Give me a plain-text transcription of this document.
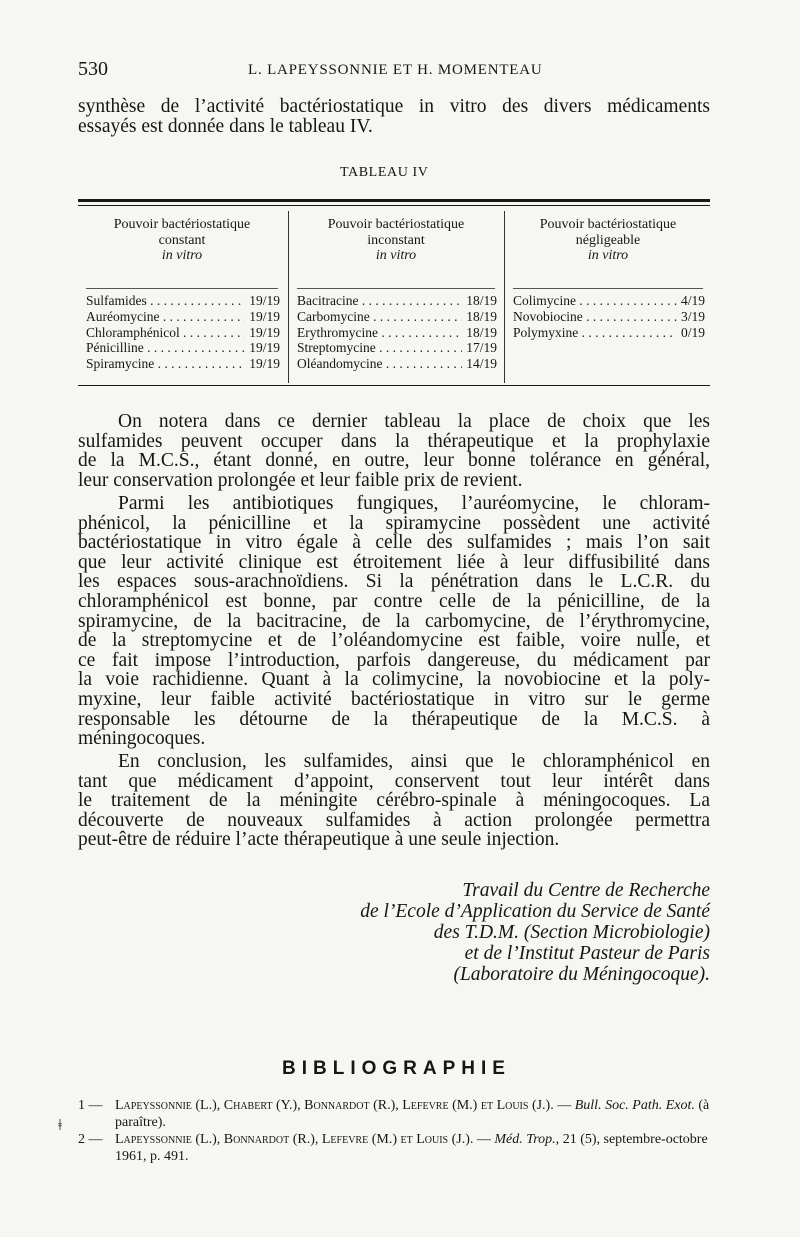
530	L. LAPEYSSONNIE ET H. MOMENTEAU
synthèse de l’activité bactériostatique in vitro des divers médicaments
essayés est donnée dans le tableau IV.
TABLEAU IV
Pouvoir bactériostatique
constant
in vitro
Sulfamides . . .	19/19
Auréomycine . . .	19/19
Chloramphénicol . . .	19/19
Pénicilline . . .	19/19
Spiramycine . . .	19/19
Pouvoir bactériostatique
inconstant
in vitro
Bacitracine . . .	18/19
Carbomycine . . .	18/19
Erythromycine . . .	18/19
Streptomycine . . .	17/19
Oléandomycine . . .	14/19
Pouvoir bactériostatique
négligeable
in vitro
Colimycine . . .	4/19
Novobiocine . . .	3/19
Polymyxine . . .	0/19
On notera dans ce dernier tableau la place de choix que les
sulfamides peuvent occuper dans la thérapeutique et la prophylaxie
de la M.C.S., étant donné, en outre, leur bonne tolérance en général,
leur conservation prolongée et leur faible prix de revient.
Parmi les antibiotiques fungiques, l’auréomycine, le chloram-
phénicol, la pénicilline et la spiramycine possèdent une activité
bactériostatique in vitro égale à celle des sulfamides ; mais l’on sait
que leur activité clinique est étroitement liée à leur diffusibilité dans
les espaces sous-arachnoïdiens. Si la pénétration dans le L.C.R. du
chloramphénicol est bonne, par contre celle de la pénicilline, de la
spiramycine, de la bacitracine, de la carbomycine, de l’érythromycine,
de la streptomycine et de l’oléandomycine est faible, voire nulle, et
ce fait impose l’introduction, parfois dangereuse, du médicament par
la voie rachidienne. Quant à la colimycine, la novobiocine et la poly-
myxine, leur faible activité bactériostatique in vitro sur le germe
responsable les détourne de la thérapeutique de la M.C.S. à
méningocoques.
En conclusion, les sulfamides, ainsi que le chloramphénicol en
tant que médicament d’appoint, conservent tout leur intérêt dans
le traitement de la méningite cérébro-spinale à méningocoques. La
découverte de nouveaux sulfamides à action prolongée permettra
peut-être de réduire l’acte thérapeutique à une seule injection.
Travail du Centre de Recherche
de l’Ecole d’Application du Service de Santé
des T.D.M. (Section Microbiologie)
et de l’Institut Pasteur de Paris
(Laboratoire du Méningocoque).
BIBLIOGRAPHIE
ǂ
1 — Lapeyssonnie (L.), Chabert (Y.), Bonnardot (R.), Lefevre (M.) et Louis (J.). — Bull. Soc. Path. Exot. (à paraître).
2 — Lapeyssonnie (L.), Bonnardot (R.), Lefevre (M.) et Louis (J.). — Méd. Trop., 21 (5), septembre-octobre 1961, p. 491.
